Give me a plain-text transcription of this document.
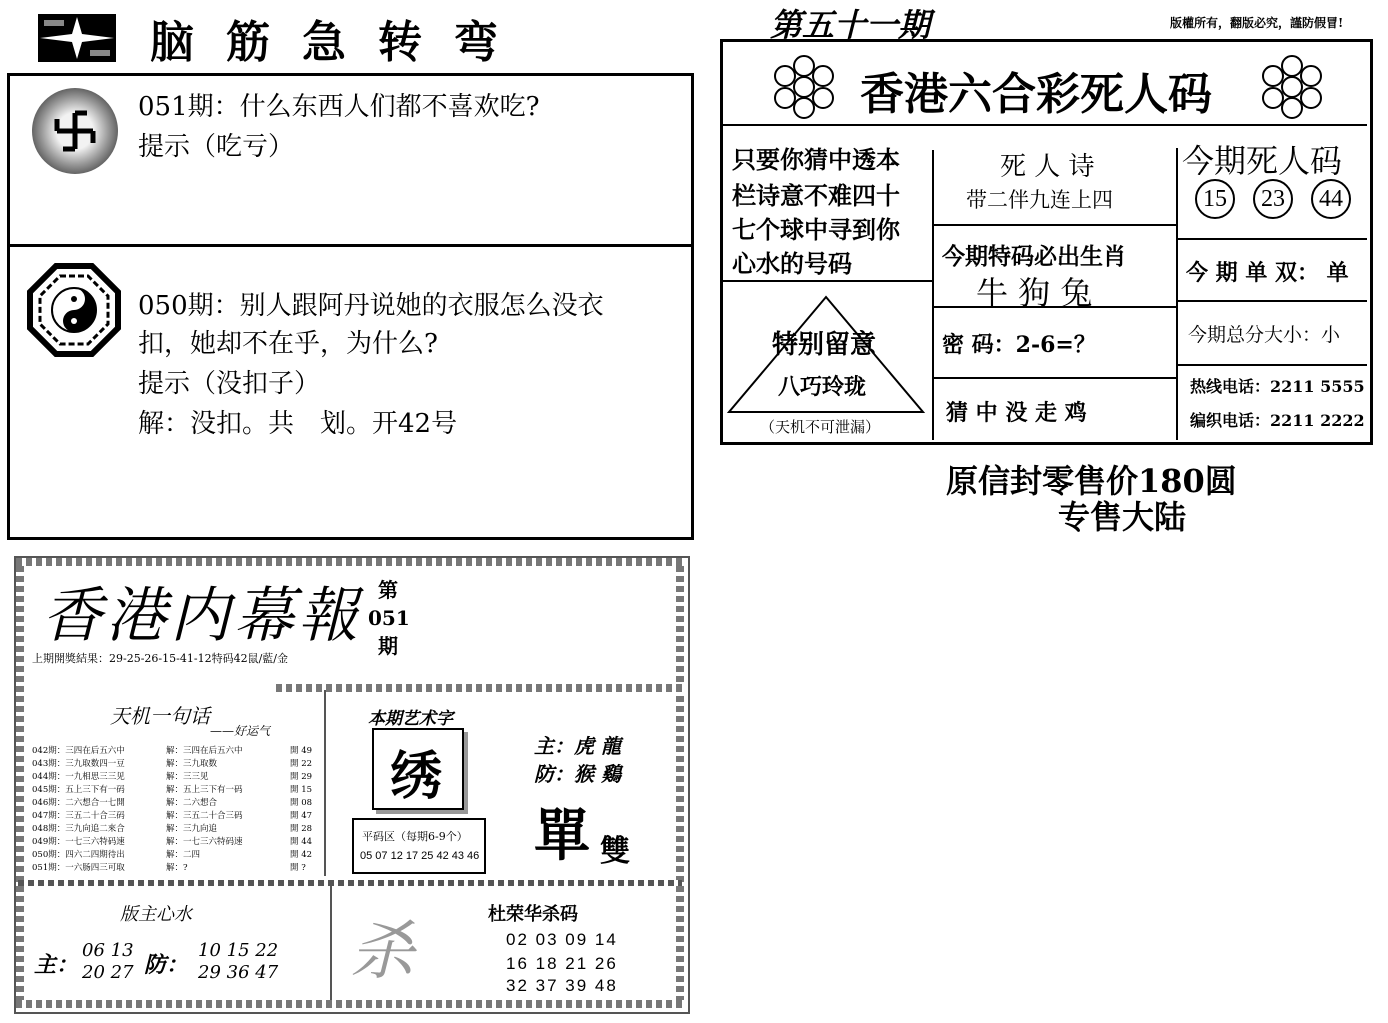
脑筋急转弯
051期：什么东西人们都不喜欢吃?
提示（吃亏）
050期：别人跟阿丹说她的衣服怎么没衣
扣，她却不在乎，为什么?
提示（没扣子）
解：没扣。共　划。开42号
第五十一期	版權所有，翻版必究，謹防假冒!
香港六合彩死人码
只要你猜中透本
栏诗意不难四十
七个球中寻到你
心水的号码
特别留意
八巧玲珑
（天机不可泄漏）
死 人 诗
带二伴九连上四
今期特码必出生肖
牛 狗 兔
密 码：2-6=？
猜 中 没 走 鸡
今期死人码
15	23	44
今 期 单 双： 单
今期总分大小：小
热线电话：2211 5555
编织电话：2211 2222
原信封零售价180圆
专售大陆
香港内幕報 第
051
期
上期開獎結果：29-25-26-15-41-12特码42鼠/藍/金
天机一句话
——好运气
042期：三四在后五六中	解：三四在后五六中	開 49
043期：三九取数四一豆	解：三九取数	開 22
044期：一九相思三三见	解：三三见	開 29
045期：五上三下有一码	解：五上三下有一码	開 15
046期：二六想合一七開	解：二六想合	開 08
047期：三五二十合三码	解：三五二十合三码	開 47
048期：三九向追二來合	解：三九向追	開 28
049期：一七三六特码速	解：一七三六特码速	開 44
050期：四六二四期待出	解：二四	開 42
051期：一六肠四三可取	解：?	開 ?
本期艺术字
绣	主：虎 龍
防：猴 鷄
平码区（每期6-9个）
05 07 12 17 25 42 43 46 單 雙
版主心水
主：
06 13
20 27 防：
10 15 22
29 36 47 杀
杜荣华杀码
02 03 09 14
16 18 21 26
32 37 39 48
